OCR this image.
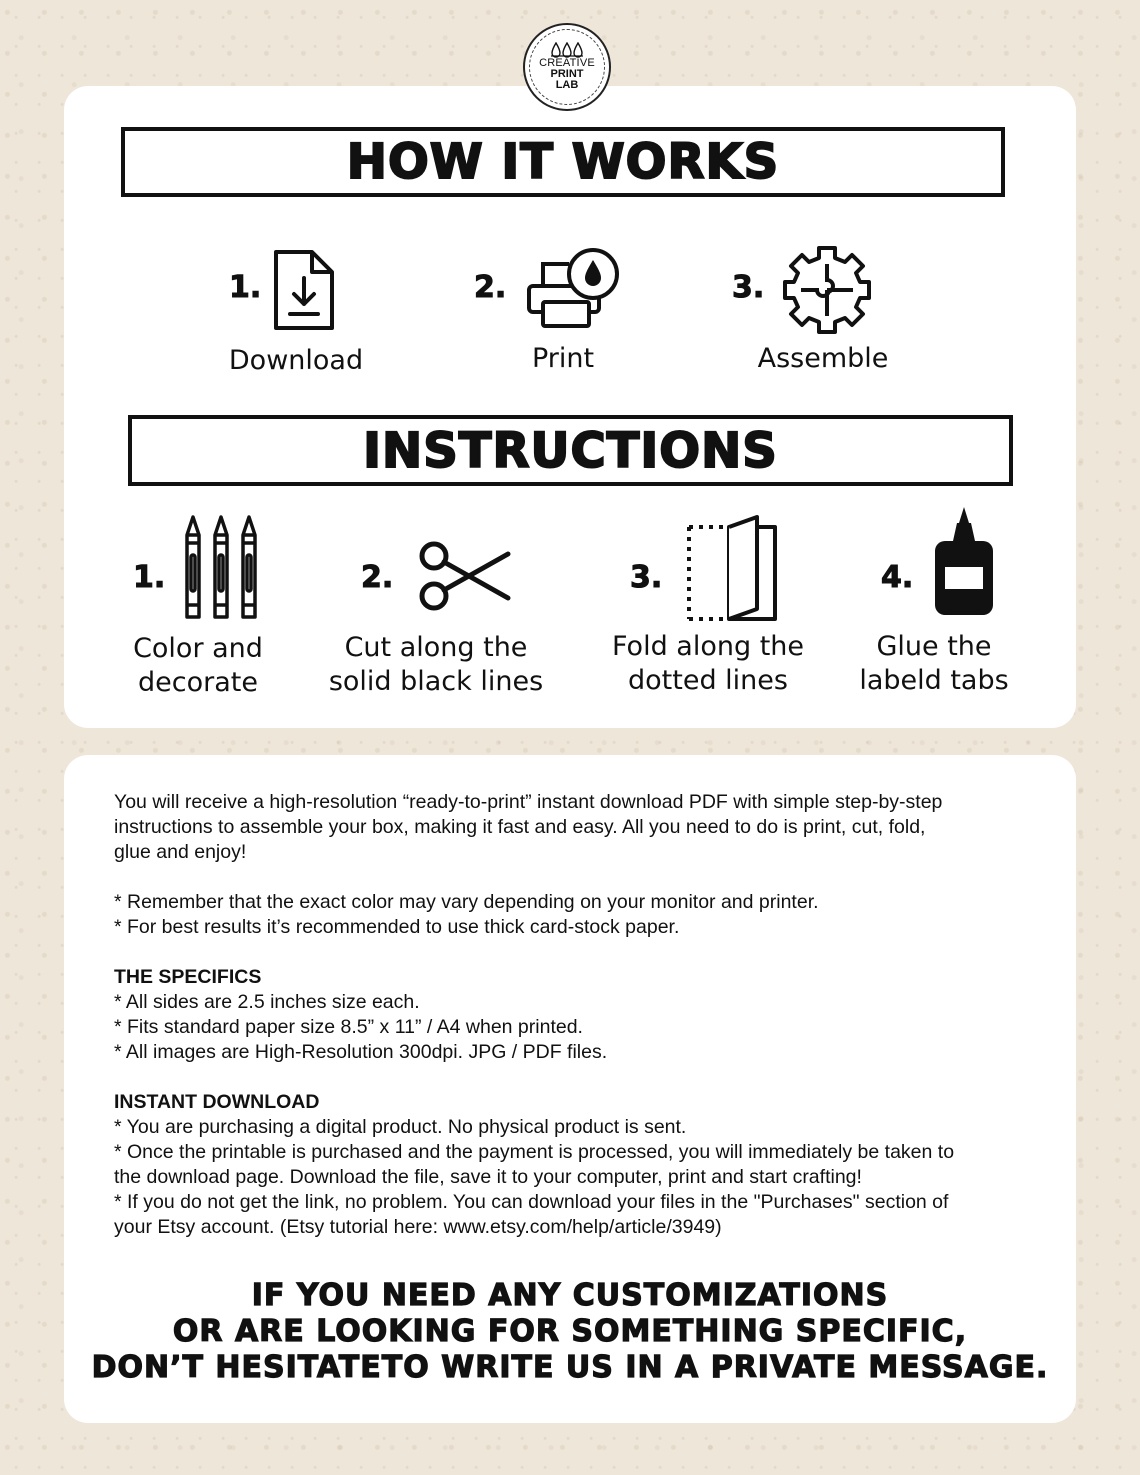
CREATIVE
PRINT
LAB
HOW IT WORKS
1.
Download
2.
Print
3.
Assemble
INSTRUCTIONS
1.
Color and
decorate
2.
Cut along the
solid black lines
3.
Fold along the
dotted lines
4.
Glue the
labeld tabs

You will receive a high-resolution “ready-to-print” instant download PDF with simple step-by-step

instructions to assemble your box, making it fast and easy. All you need to do is print, cut, fold,

glue and enjoy!

* Remember that the exact color may vary depending on your monitor and printer.

* For best results it’s recommended to use thick card-stock paper.

THE SPECIFICS

* All sides are 2.5 inches size each.

* Fits standard paper size 8.5” x 11” / A4 when printed.

* All images are High-Resolution 300dpi. JPG / PDF files.

INSTANT DOWNLOAD

* You are purchasing a digital product. No physical product is sent.

* Once the printable is purchased and the payment is processed, you will immediately be taken to

the download page. Download the file, save it to your computer, print and start crafting!

* If you do not get the link, no problem. You can download your files in the "Purchases" section of

your Etsy account. (Etsy tutorial here: www.etsy.com/help/article/3949)

IF YOU NEED ANY CUSTOMIZATIONS
OR ARE LOOKING FOR SOMETHING SPECIFIC,
DON’T HESITATETO WRITE US IN A PRIVATE MESSAGE.
